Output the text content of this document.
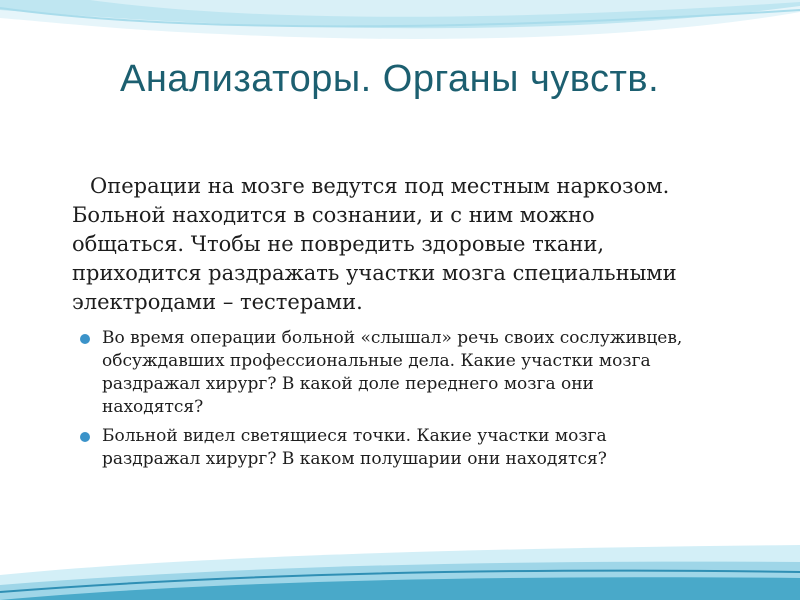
Анализаторы. Органы чувств.

Операции на мозге ведутся под местным наркозом.
Больной находится в сознании, и с ним можно
общаться. Чтобы не повредить здоровые ткани,
приходится раздражать участки мозга специальными
электродами – тестерами.

Во время операции больной «слышал» речь своих сослуживцев,
обсуждавших профессиональные дела. Какие участки мозга
раздражал хирург? В какой доле переднего мозга они
находятся?
Больной видел светящиеся точки. Какие участки мозга
раздражал хирург? В каком полушарии они находятся?
